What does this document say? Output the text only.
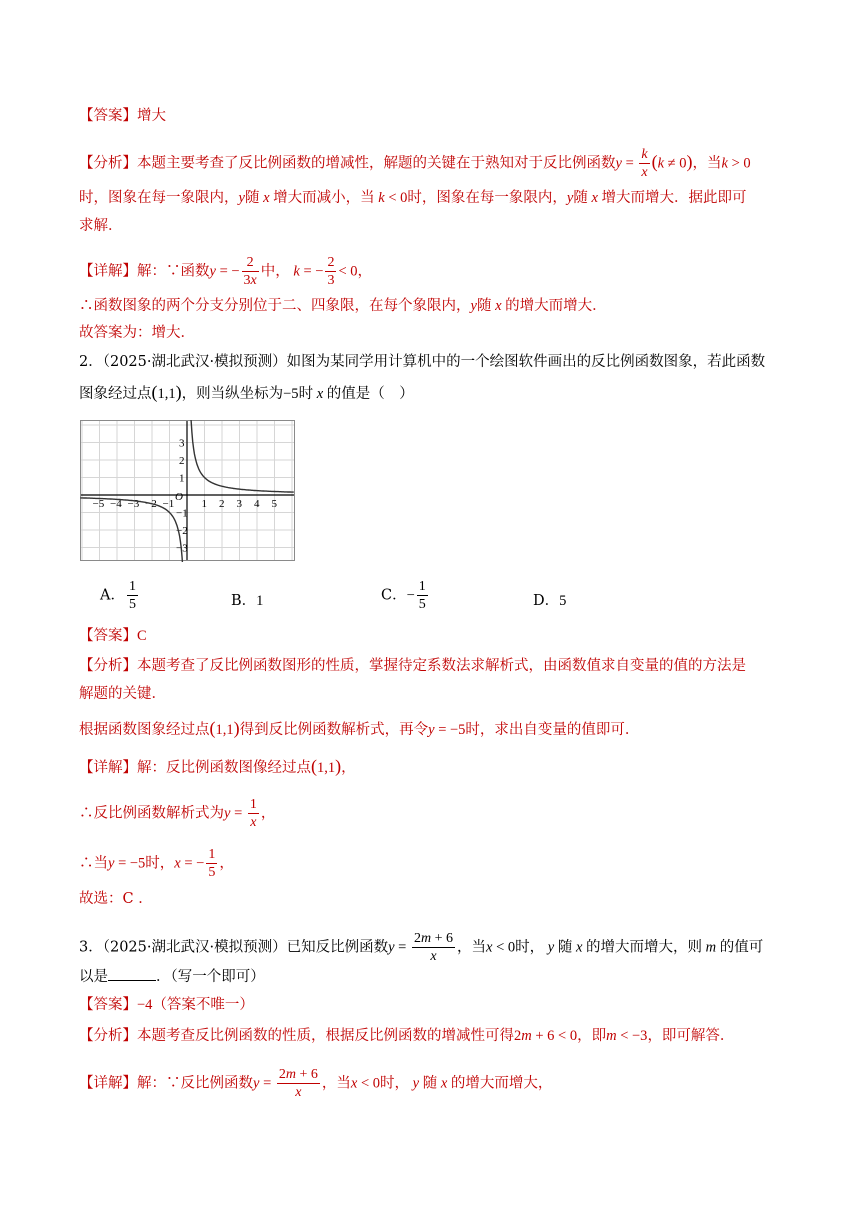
【答案】增大
【分析】本题主要考查了反比例函数的增减性，解题的关键在于熟知对于反比例函数$y = \frac{k}{x} (k \ne 0)$，当k > 0
时，图象在每一象限内，y随 x 增大而减小，当 k < 0时，图象在每一象限内，y随 x 增大而增大．据此即可
求解．
【详解】解：∵函数y = − $\frac{2}{3x}$ 中， k = − $\frac{2}{3} < 0$，
∴函数图象的两个分支分别位于二、四象限，在每个象限内，y随 x 的增大而增大．
故答案为：增大．
2．（2025·湖北武汉·模拟预测）如图为某同学用计算机中的一个绘图软件画出的反比例函数图象，若此函数
图象经过点(1,1)，则当纵坐标为−5时 x 的值是（　）
−5 −4 −3 −2 −1 1 2 3 4 5
3
2
1
−1
−2
−3
O
A． $\frac{1}{5}$	B．1	C．− $\frac{1}{5}$	D．5
【答案】C
【分析】本题考查了反比例函数图形的性质，掌握待定系数法求解析式，由函数值求自变量的值的方法是
解题的关键．
根据函数图象经过点(1,1)得到反比例函数解析式，再令y = −5时，求出自变量的值即可．
【详解】解：反比例函数图像经过点(1,1)，
∴反比例函数解析式为$y = \frac{1}{x}$ ，
∴当y = −5时，x = − $\frac{1}{5}$ ，
故选：C ．
3．（2025·湖北武汉·模拟预测）已知反比例函数$y = \frac{2m + 6}{x}$ ，当x < 0时， y 随 x 的增大而增大，则 m 的值可
以是	．（写一个即可）
【答案】−4（答案不唯一）
【分析】本题考查反比例函数的性质，根据反比例函数的增减性可得2m + 6 < 0，即m < −3，即可解答．
【详解】解：∵反比例函数$y = \frac{2m + 6}{x}$ ，当x < 0时， y 随 x 的增大而增大，
